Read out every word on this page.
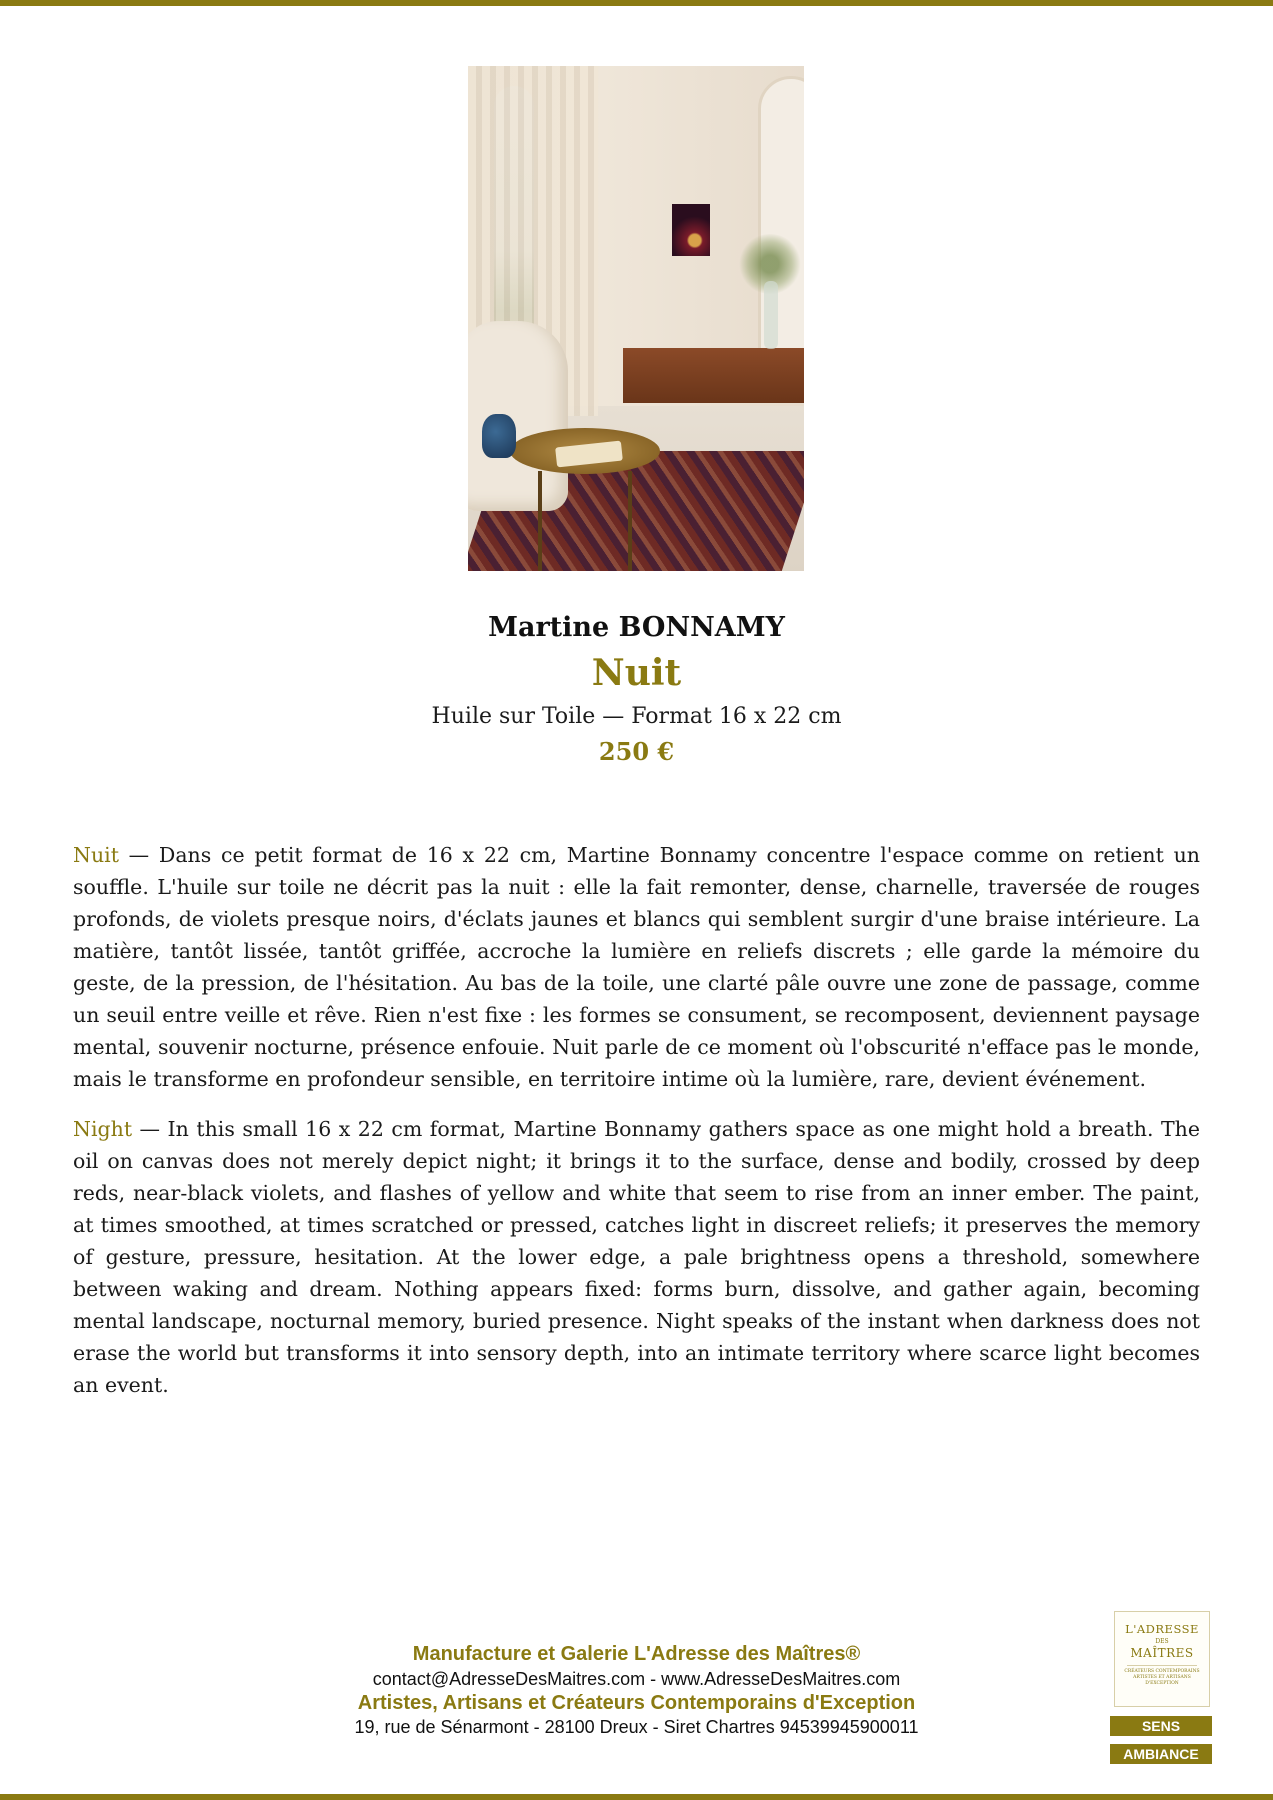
Martine BONNAMY
Nuit
Huile sur Toile — Format 16 x 22 cm
250 €

Nuit — Dans ce petit format de 16 x 22 cm, Martine Bonnamy concentre l'espace comme on retient un souffle. L'huile sur toile ne décrit pas la nuit : elle la fait remonter, dense, charnelle, traversée de rouges profonds, de violets presque noirs, d'éclats jaunes et blancs qui semblent surgir d'une braise intérieure. La matière, tantôt lissée, tantôt griffée, accroche la lumière en reliefs discrets ; elle garde la mémoire du geste, de la pression, de l'hésitation. Au bas de la toile, une clarté pâle ouvre une zone de passage, comme un seuil entre veille et rêve. Rien n'est fixe : les formes se consument, se recomposent, deviennent paysage mental, souvenir nocturne, présence enfouie. Nuit parle de ce moment où l'obscurité n'efface pas le monde, mais le transforme en profondeur sensible, en territoire intime où la lumière, rare, devient événement.

Night — In this small 16 x 22 cm format, Martine Bonnamy gathers space as one might hold a breath. The oil on canvas does not merely depict night; it brings it to the surface, dense and bodily, crossed by deep reds, near-black violets, and flashes of yellow and white that seem to rise from an inner ember. The paint, at times smoothed, at times scratched or pressed, catches light in discreet reliefs; it preserves the memory of gesture, pressure, hesitation. At the lower edge, a pale brightness opens a threshold, somewhere between waking and dream. Nothing appears fixed: forms burn, dissolve, and gather again, becoming mental landscape, nocturnal memory, buried presence. Night speaks of the instant when darkness does not erase the world but transforms it into sensory depth, into an intimate territory where scarce light becomes an event.

Manufacture et Galerie L'Adresse des Maîtres®
contact@AdresseDesMaitres.com - www.AdresseDesMaitres.com
Artistes, Artisans et Créateurs Contemporains d'Exception
19, rue de Sénarmont - 28100 Dreux - Siret Chartres 94539945900011
L'ADRESSE
DES
MAÎTRES
CRÉATEURS CONTEMPORAINS ARTISTES ET ARTISANS D'EXCEPTION
SENS
AMBIANCE
